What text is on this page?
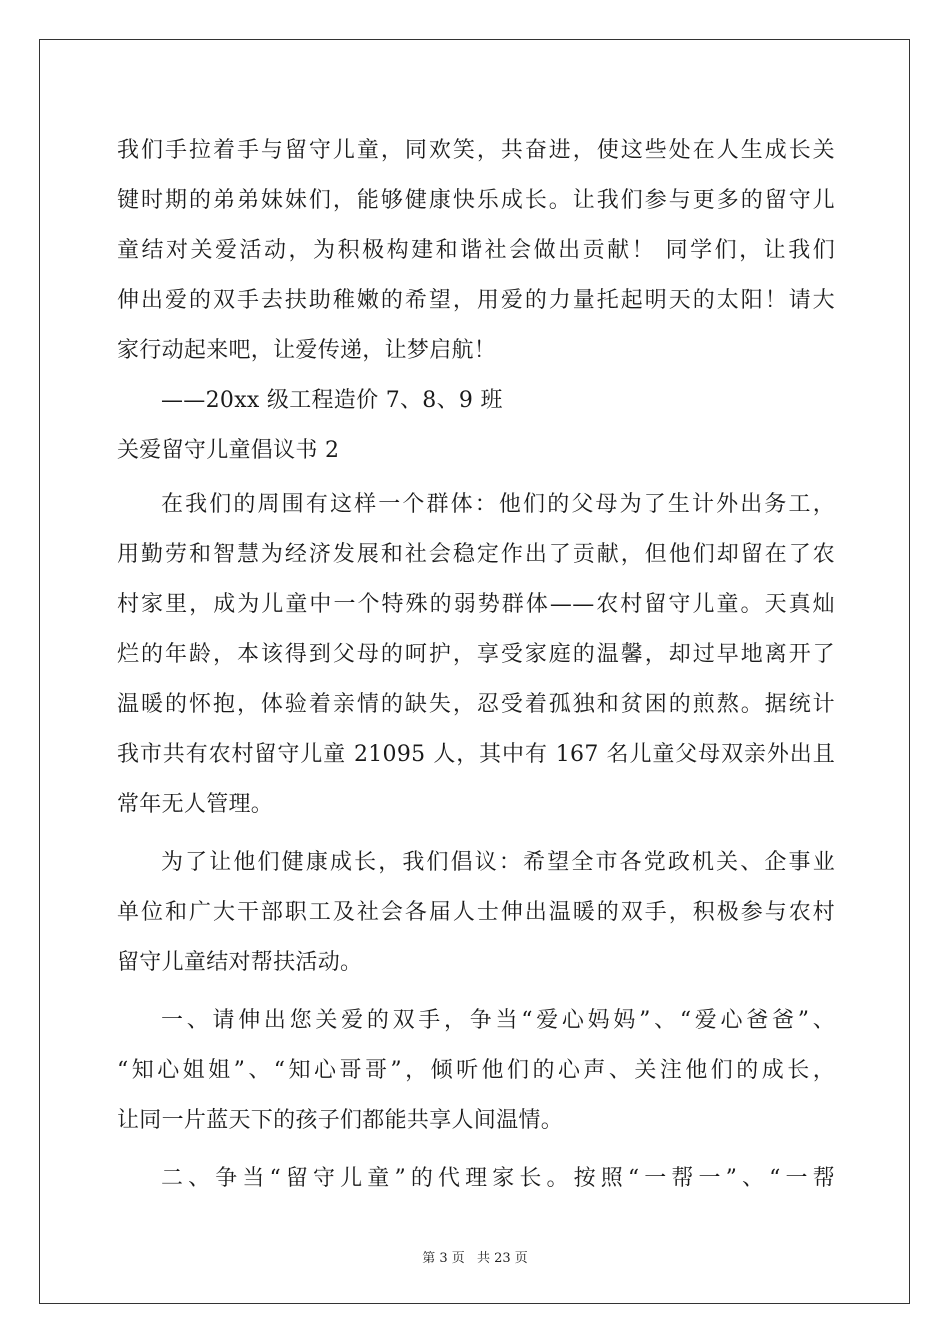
我们手拉着手与留守儿童，同欢笑，共奋进，使这些处在人生成长关
键时期的弟弟妹妹们，能够健康快乐成长。让我们参与更多的留守儿
童结对关爱活动，为积极构建和谐社会做出贡献！ 同学们，让我们
伸出爱的双手去扶助稚嫩的希望，用爱的力量托起明天的太阳！请大
家行动起来吧，让爱传递，让梦启航！
——20xx 级工程造价 7、8、9 班
关爱留守儿童倡议书 2
在我们的周围有这样一个群体：他们的父母为了生计外出务工，
用勤劳和智慧为经济发展和社会稳定作出了贡献，但他们却留在了农
村家里，成为儿童中一个特殊的弱势群体——农村留守儿童。天真灿
烂的年龄，本该得到父母的呵护，享受家庭的温馨，却过早地离开了
温暖的怀抱，体验着亲情的缺失，忍受着孤独和贫困的煎熬。据统计
我市共有农村留守儿童 21095 人，其中有 167 名儿童父母双亲外出且
常年无人管理。
为了让他们健康成长，我们倡议：希望全市各党政机关、企事业
单位和广大干部职工及社会各届人士伸出温暖的双手，积极参与农村
留守儿童结对帮扶活动。
一、请伸出您关爱的双手，争当“爱心妈妈”、“爱心爸爸”、
“知心姐姐”、“知心哥哥”，倾听他们的心声、关注他们的成长，
让同一片蓝天下的孩子们都能共享人间温情。
二、争当“留守儿童”的代理家长。按照“一帮一”、“一帮
第 3 页 共 23 页
